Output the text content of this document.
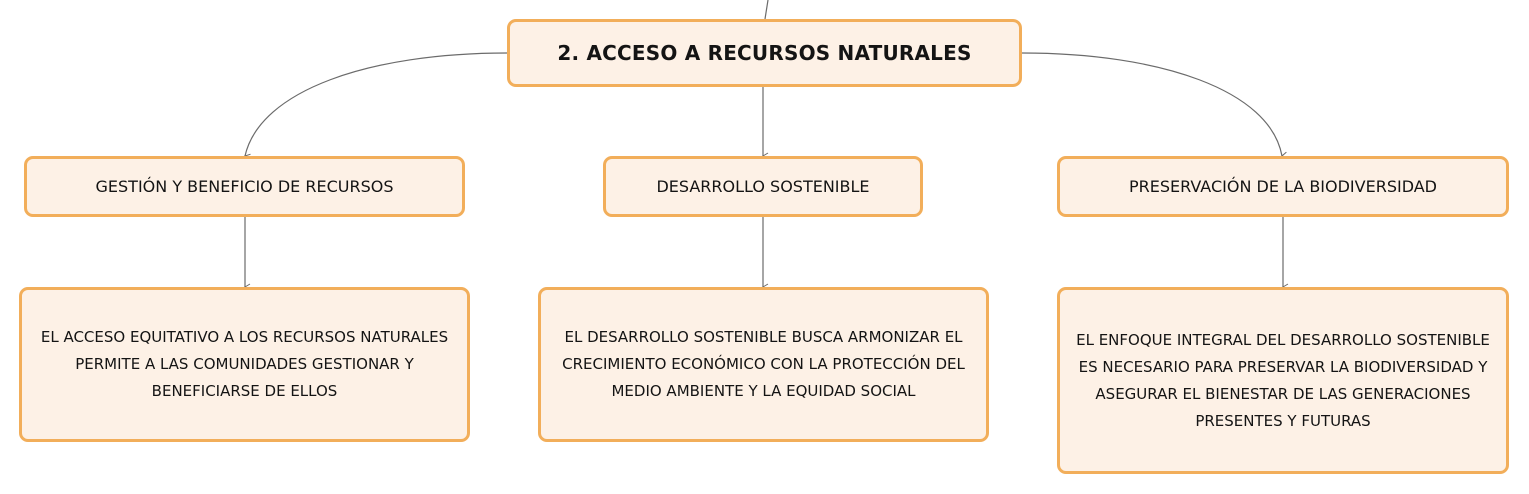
2. ACCESO A RECURSOS NATURALES
GESTIÓN Y BENEFICIO DE RECURSOS	DESARROLLO SOSTENIBLE	PRESERVACIÓN DE LA BIODIVERSIDAD
EL ACCESO EQUITATIVO A LOS RECURSOS NATURALES PERMITE A LAS COMUNIDADES GESTIONAR Y BENEFICIARSE DE ELLOS
EL DESARROLLO SOSTENIBLE BUSCA ARMONIZAR EL CRECIMIENTO ECONÓMICO CON LA PROTECCIÓN DEL MEDIO AMBIENTE Y LA EQUIDAD SOCIAL
EL ENFOQUE INTEGRAL DEL DESARROLLO SOSTENIBLE ES NECESARIO PARA PRESERVAR LA BIODIVERSIDAD Y ASEGURAR EL BIENESTAR DE LAS GENERACIONES PRESENTES Y FUTURAS
